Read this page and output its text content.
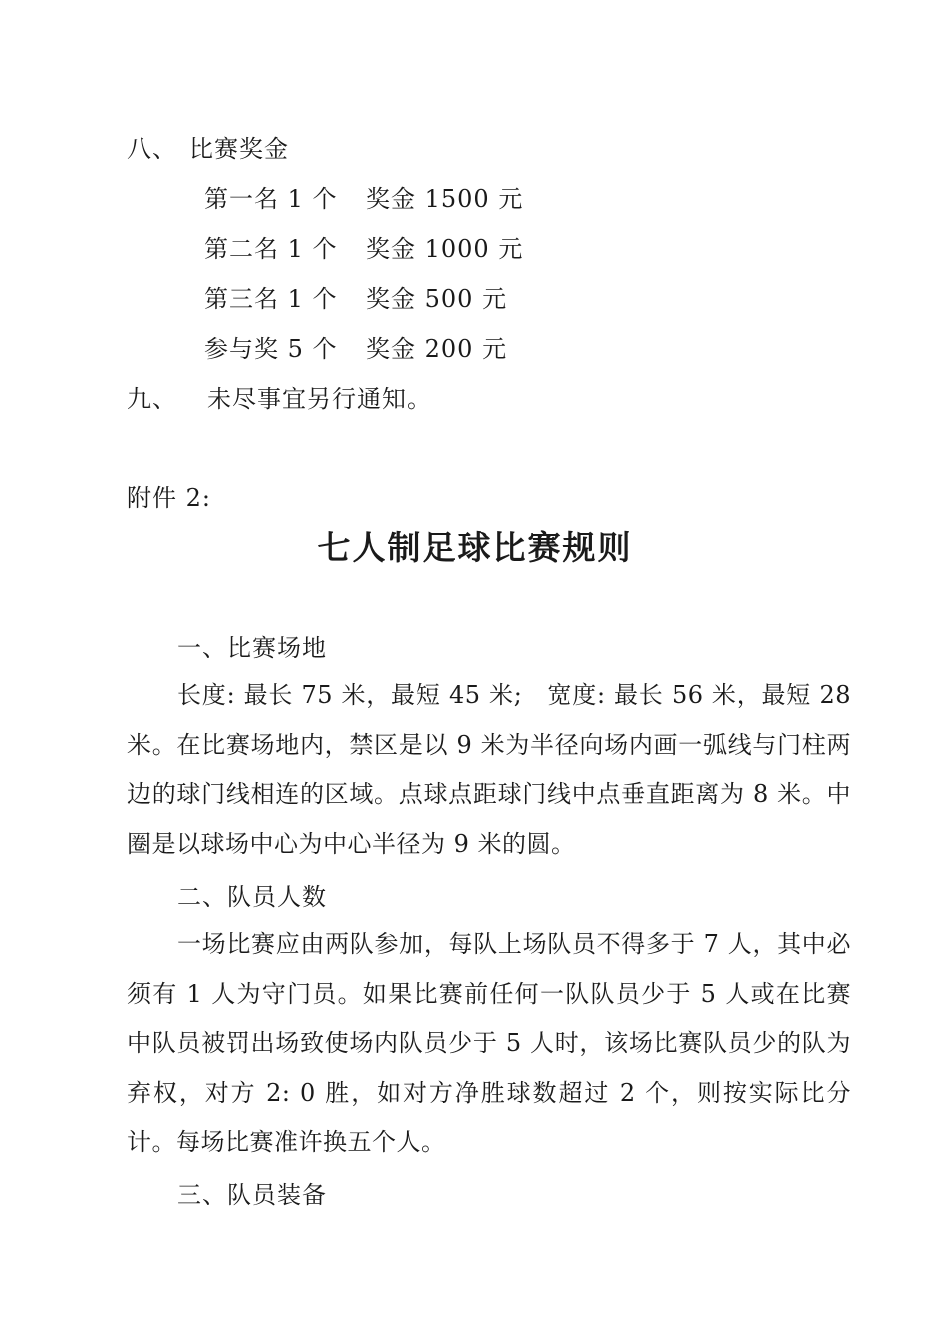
八、 比赛奖金
第一名 1 个 奖金 1500 元
第二名 1 个 奖金 1000 元
第三名 1 个 奖金 500 元
参与奖 5 个 奖金 200 元
九、 未尽事宜另行通知。
附件 2:
七人制足球比赛规则
一、比赛场地
长度: 最长 75 米，最短 45 米;　宽度: 最长 56 米，最短 28 米。在比赛场地内，禁区是以 9 米为半径向场内画一弧线与门柱两边的球门线相连的区域。点球点距球门线中点垂直距离为 8 米。中圈是以球场中心为中心半径为 9 米的圆。
二、队员人数
一场比赛应由两队参加，每队上场队员不得多于 7 人，其中必须有 1 人为守门员。如果比赛前任何一队队员少于 5 人或在比赛中队员被罚出场致使场内队员少于 5 人时，该场比赛队员少的队为弃权，对方 2: 0 胜，如对方净胜球数超过 2 个，则按实际比分计。每场比赛准许换五个人。
三、队员装备
